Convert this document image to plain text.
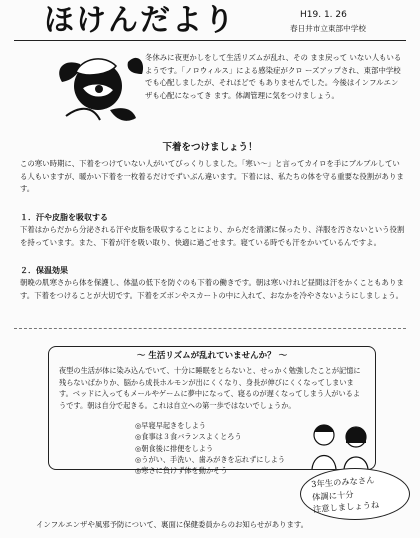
ほけんだより	H19. 1. 26
春日井市立東部中学校
冬休みに夜更かしをして生活リズムが乱れ、その まま戻って いない人もいるようです。「ノロウィルス」による感染症がクロ ーズアップされ、東部中学校でも心配しましたが、それほどで もありませんでした。今後はインフルエンザも心配になってき ます。体調管理に気をつけましょう。
下着をつけましょう！
この寒い時期に、下着をつけていない人がいてびっくりしました。「寒い～」と言ってカイロを手にブルブルしている人もいますが、暖かい下着を一枚着るだけでずいぶん違います。下着には、私たちの体を守る重要な役割があります。
１．汗や皮脂を吸収する
下着はからだから分泌される汗や皮脂を吸収することにより、からだを清潔に保ったり、洋服を汚さないという役割を持っています。また、下着が汗を吸い取り、快適に過ごせます。寝ている時でも汗をかいているんですよ。
２．保温効果
朝晩の肌寒さから体を保護し、体温の低下を防ぐのも下着の働きです。朝は寒いけれど昼間は汗をかくこともあります。下着をつけることが大切です。下着をズボンやスカートの中に入れて、おなかを冷やさないようにしましょう。
～ 生活リズムが乱れていませんか？ ～
夜型の生活が体に染み込んでいて、十分に睡眠をとらないと、せっかく勉強したことが記憶に残らないばかりか、脳から成長ホルモンが出にくくなり、身長が伸びにくくなってしまいます。ベッドに入ってもメールやゲームに夢中になって、寝るのが遅くなってしまう人がいるようです。朝は自分で起きる。これは自立への第一歩ではないでしょうか。
◎早寝早起きをしよう
◎食事は３食バランスよくとろう
◎朝食後に排便をしよう
◎うがい、手洗い、歯みがきを忘れずにしよう
◎寒さに負けず体を動かそう
3年生のみなさん
体調に十分
注意しましょうね
インフルエンザや風邪予防について、裏面に保健委員からのお知らせがあります。
